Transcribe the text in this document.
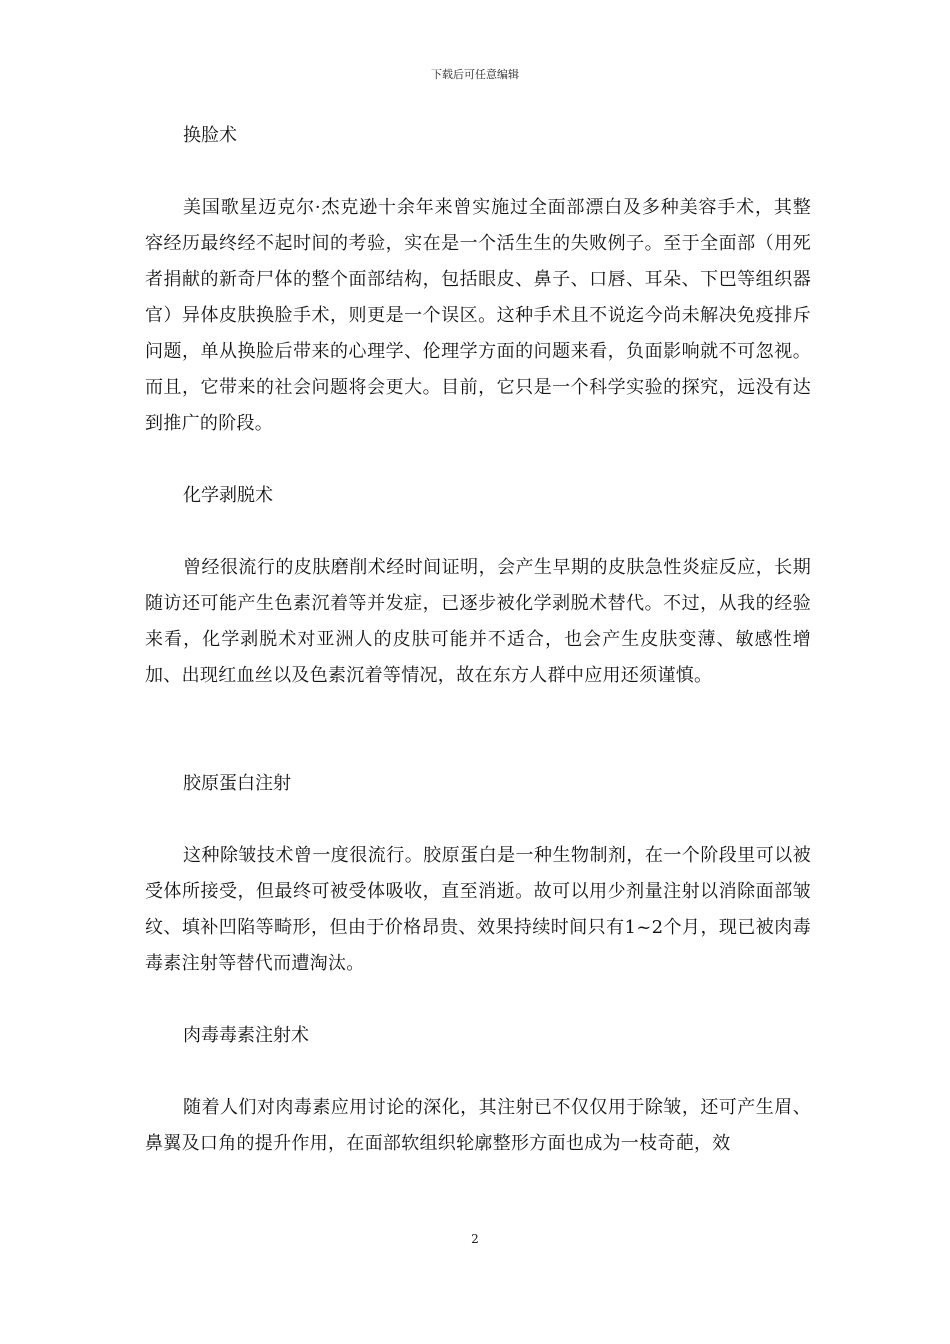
下载后可任意编辑
换脸术

美国歌星迈克尔·杰克逊十余年来曾实施过全面部漂白及多种美容手术，其整容经历最终经不起时间的考验，实在是一个活生生的失败例子。至于全面部（用死者捐献的新奇尸体的整个面部结构，包括眼皮、鼻子、口唇、耳朵、下巴等组织器官）异体皮肤换脸手术，则更是一个误区。这种手术且不说迄今尚未解决免疫排斥问题，单从换脸后带来的心理学、伦理学方面的问题来看，负面影响就不可忽视。而且，它带来的社会问题将会更大。目前，它只是一个科学实验的探究，远没有达到推广的阶段。

化学剥脱术

曾经很流行的皮肤磨削术经时间证明，会产生早期的皮肤急性炎症反应，长期随访还可能产生色素沉着等并发症，已逐步被化学剥脱术替代。不过，从我的经验来看，化学剥脱术对亚洲人的皮肤可能并不适合，也会产生皮肤变薄、敏感性增加、出现红血丝以及色素沉着等情况，故在东方人群中应用还须谨慎。

胶原蛋白注射

这种除皱技术曾一度很流行。胶原蛋白是一种生物制剂，在一个阶段里可以被受体所接受，但最终可被受体吸收，直至消逝。故可以用少剂量注射以消除面部皱纹、填补凹陷等畸形，但由于价格昂贵、效果持续时间只有1~2个月，现已被肉毒毒素注射等替代而遭淘汰。

肉毒毒素注射术

随着人们对肉毒素应用讨论的深化，其注射已不仅仅用于除皱，还可产生眉、鼻翼及口角的提升作用，在面部软组织轮廓整形方面也成为一枝奇葩，效

2
